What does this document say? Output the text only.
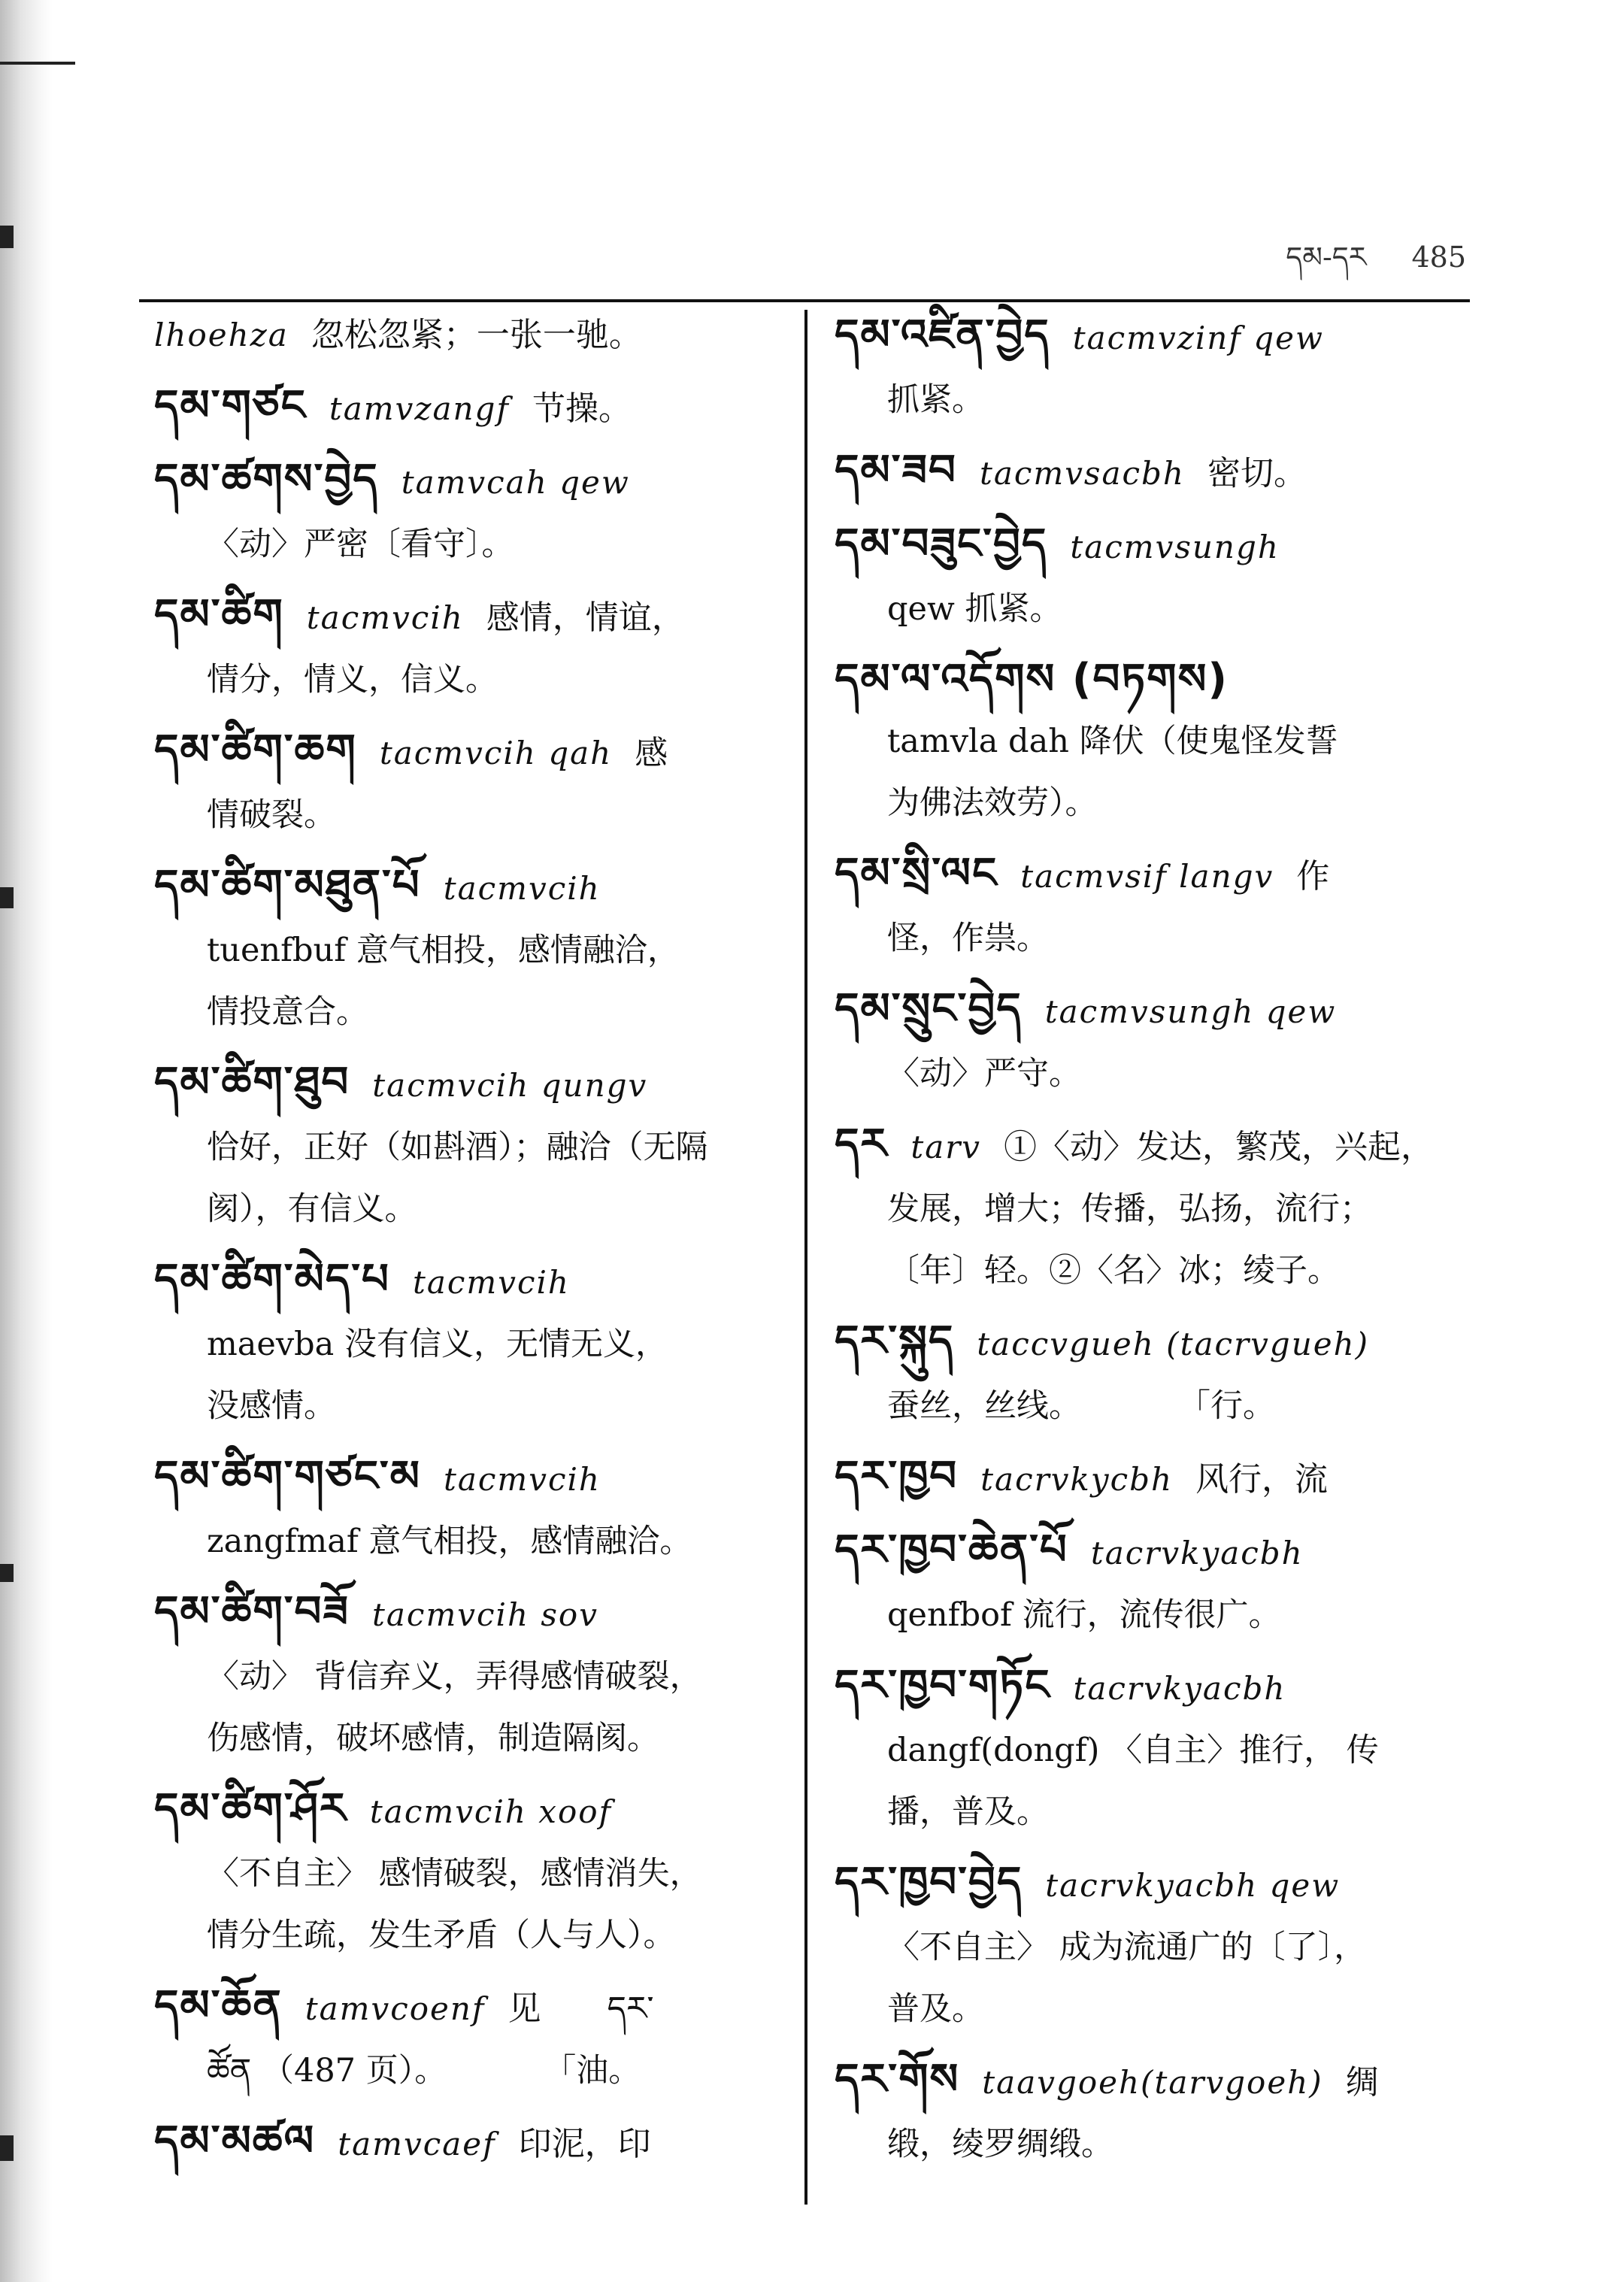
དམ-དར 485
lhoehza 忽松忽紧；一张一驰。
དམ་གཙང tamvzangf 节操。
དམ་ཚགས་བྱེད tamvcah qew
〈动〉严密〔看守〕。
དམ་ཚིག tacmvcih 感情，情谊，
情分，情义，信义。
དམ་ཚིག་ཆག tacmvcih qah 感
情破裂。
དམ་ཚིག་མཐུན་པོ tacmvcih
tuenfbuf 意气相投，感情融洽，
情投意合。
དམ་ཚིག་ཐུབ tacmvcih qungv
恰好，正好（如斟酒）；融洽（无隔
阂），有信义。
དམ་ཚིག་མེད་པ tacmvcih
maevba 没有信义，无情无义，
没感情。
དམ་ཚིག་གཙང་མ tacmvcih
zangfmaf 意气相投，感情融洽。
དམ་ཚིག་བཟོ tacmvcih sov
〈动〉 背信弃义，弄得感情破裂，
伤感情，破坏感情，制造隔阂。
དམ་ཚིག་ཤོར tacmvcih xoof
〈不自主〉 感情破裂，感情消失，
情分生疏，发生矛盾（人与人）。
དམ་ཆོན tamvcoenf 见　　དར་
ཚོན （487 页）。　　　　「油。
དམ་མཚལ tamvcaef 印泥，印
དམ་འཛིན་བྱེད tacmvzinf qew
抓紧。
དམ་ཟབ tacmvsacbh 密切。
དམ་བཟུང་བྱེད tacmvsungh
qew 抓紧。
དམ་ལ་འདོགས (བཏགས)
tamvla dah 降伏（使鬼怪发誓
为佛法效劳）。
དམ་སྲི་ལང tacmvsif langv 作
怪，作祟。
དམ་སྲུང་བྱེད tacmvsungh qew
〈动〉严守。
དར tarv ①〈动〉发达，繁茂，兴起，
发展，增大；传播，弘扬，流行；
〔年〕轻。②〈名〉冰；绫子。
དར་སྐུད taccvgueh (tacrvgueh)
蚕丝，丝线。　　　　「行。
དར་ཁྱབ tacrvkycbh 风行，流
དར་ཁྱབ་ཆེན་པོ tacrvkyacbh
qenfbof 流行，流传很广。
དར་ཁྱབ་གཏོང tacrvkyacbh
dangf(dongf) 〈自主〉推行， 传
播，普及。
དར་ཁྱབ་བྱེད tacrvkyacbh qew
〈不自主〉 成为流通广的〔了〕，
普及。
དར་གོས taavgoeh(tarvgoeh) 绸
缎，绫罗绸缎。
